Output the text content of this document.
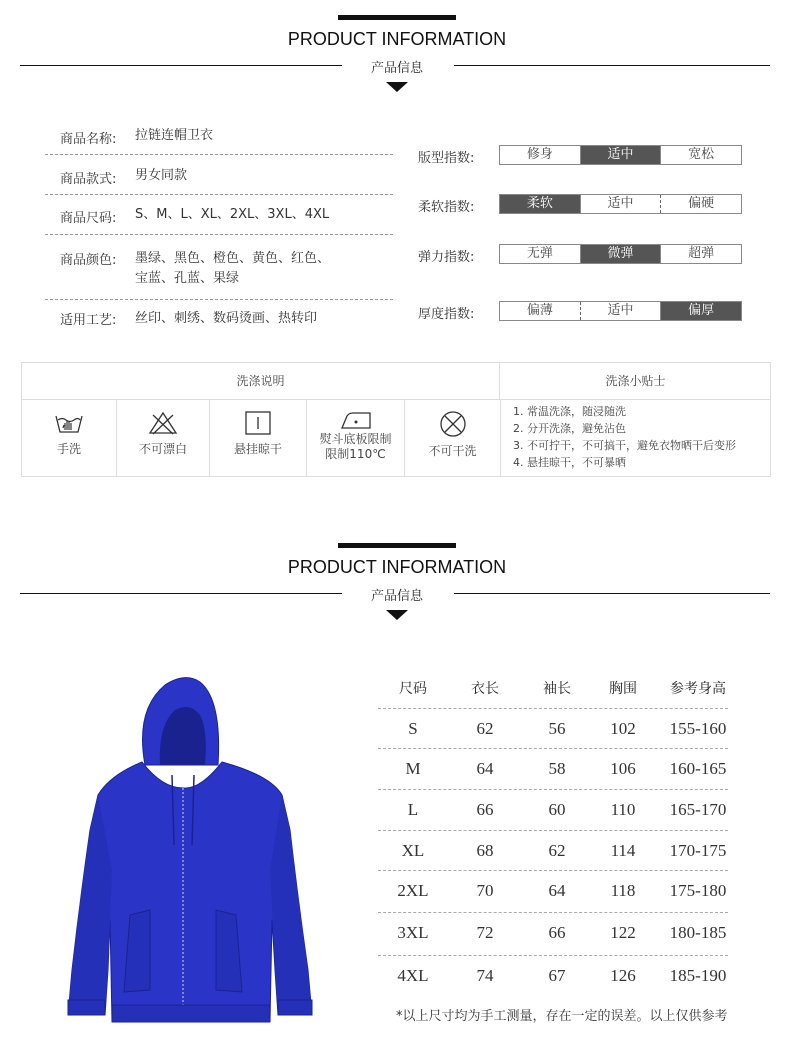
PRODUCT INFORMATION
产品信息
商品名称:	拉链连帽卫衣
商品款式:	男女同款
商品尺码:	S、M、L、XL、2XL、3XL、4XL
商品颜色:	墨绿、黑色、橙色、黄色、红色、
宝蓝、孔蓝、果绿
适用工艺:	丝印、刺绣、数码烫画、热转印
版型指数:	修身	适中	宽松
柔软指数:	柔软	适中	偏硬
弹力指数:	无弹	微弹	超弹
厚度指数:	偏薄	适中	偏厚
洗涤说明	洗涤小贴士
手洗	不可漂白	悬挂晾干
熨斗底板限制
限制110℃	不可干洗
1. 常温洗涤，随浸随洗
2. 分开洗涤，避免沾色
3. 不可拧干，不可搞干，避免衣物晒干后变形
4. 悬挂晾干，不可暴晒
PRODUCT INFORMATION
产品信息
尺码	衣长	袖长	胸围	参考身高
S	62	56	102	155-160
M	64	58	106	160-165
L	66	60	110	165-170
XL	68	62	114	170-175
2XL	70	64	118	175-180
3XL	72	66	122	180-185
4XL	74	67	126	185-190
*以上尺寸均为手工测量，存在一定的误差。以上仅供参考
